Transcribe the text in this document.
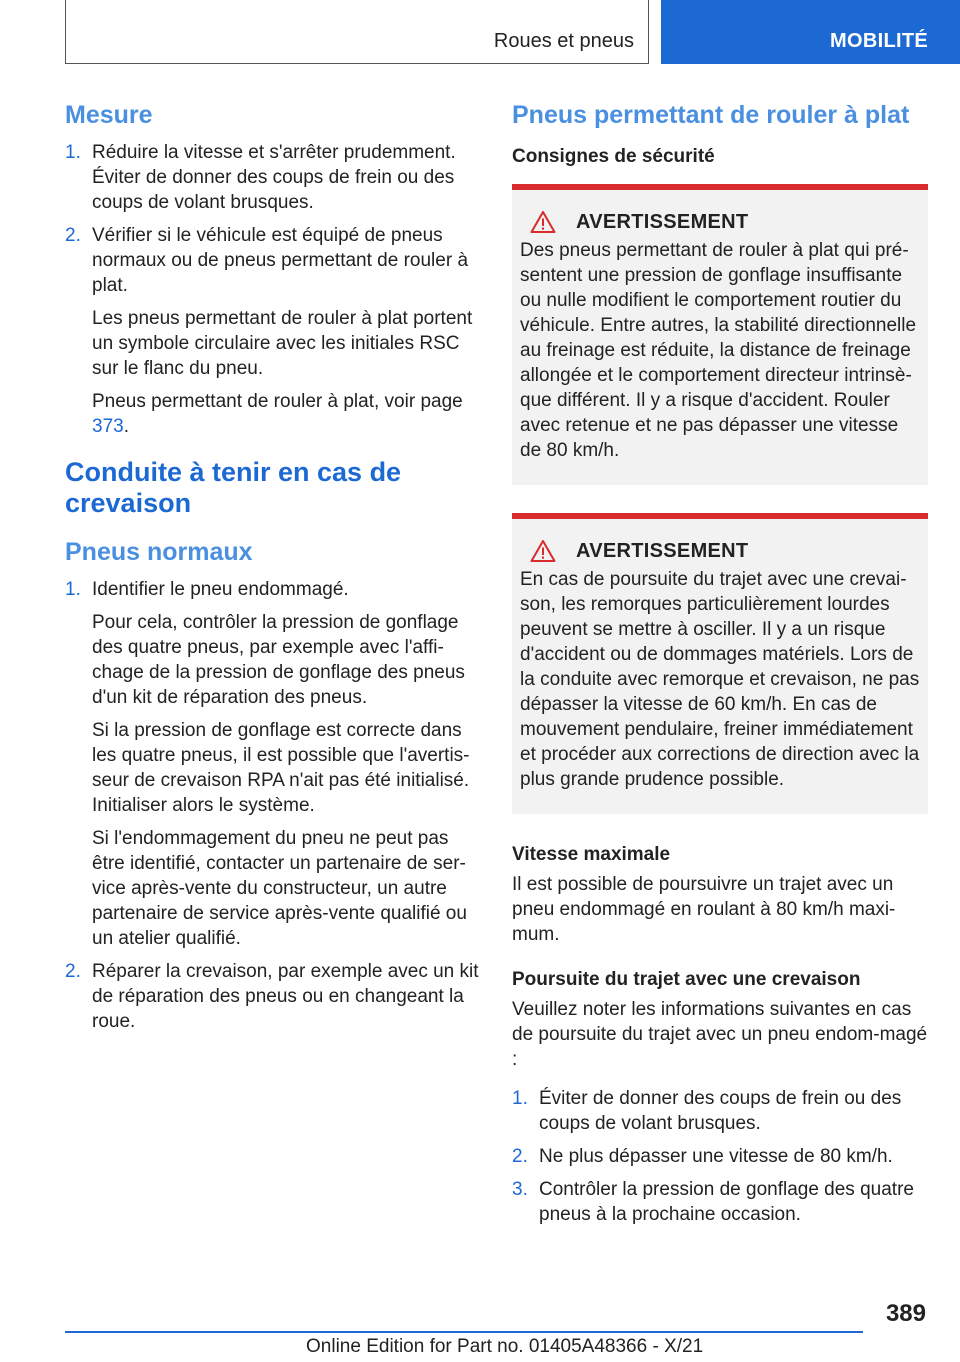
Roues et pneus	MOBILITÉ
Mesure
1. Réduire la vitesse et s'arrêter prudemment. Éviter de donner des coups de frein ou des coups de volant brusques.

2. Vérifier si le véhicule est équipé de pneus normaux ou de pneus permettant de rouler à plat.

Les pneus permettant de rouler à plat portent un symbole circulaire avec les initiales RSC sur le flanc du pneu.

Pneus permettant de rouler à plat, voir page 373.

Conduite à tenir en cas de crevaison
Pneus normaux
1. Identifier le pneu endommagé.

Pour cela, contrôler la pression de gonflage des quatre pneus, par exemple avec l'affi-chage de la pression de gonflage des pneus d'un kit de réparation des pneus.

Si la pression de gonflage est correcte dans les quatre pneus, il est possible que l'avertis-seur de crevaison RPA n'ait pas été initialisé. Initialiser alors le système.

Si l'endommagement du pneu ne peut pas être identifié, contacter un partenaire de ser-vice après-vente du constructeur, un autre partenaire de service après-vente qualifié ou un atelier qualifié.

2. Réparer la crevaison, par exemple avec un kit de réparation des pneus ou en changeant la roue.

Pneus permettant de rouler à plat
Consignes de sécurité
AVERTISSEMENT

Des pneus permettant de rouler à plat qui pré-sentent une pression de gonflage insuffisante ou nulle modifient le comportement routier du véhicule. Entre autres, la stabilité directionnelle au freinage est réduite, la distance de freinage allongée et le comportement directeur intrinsè-que différent. Il y a risque d'accident. Rouler avec retenue et ne pas dépasser une vitesse de 80 km/h.

AVERTISSEMENT

En cas de poursuite du trajet avec une crevai-son, les remorques particulièrement lourdes peuvent se mettre à osciller. Il y a un risque d'accident ou de dommages matériels. Lors de la conduite avec remorque et crevaison, ne pas dépasser la vitesse de 60 km/h. En cas de mouvement pendulaire, freiner immédiatement et procéder aux corrections de direction avec la plus grande prudence possible.

Vitesse maximale

Il est possible de poursuivre un trajet avec un pneu endommagé en roulant à 80 km/h maxi-mum.

Poursuite du trajet avec une crevaison

Veuillez noter les informations suivantes en cas de poursuite du trajet avec un pneu endom-magé :

1. Éviter de donner des coups de frein ou des coups de volant brusques.

2. Ne plus dépasser une vitesse de 80 km/h.

3. Contrôler la pression de gonflage des quatre pneus à la prochaine occasion.

389
Online Edition for Part no. 01405A48366 - X/21
